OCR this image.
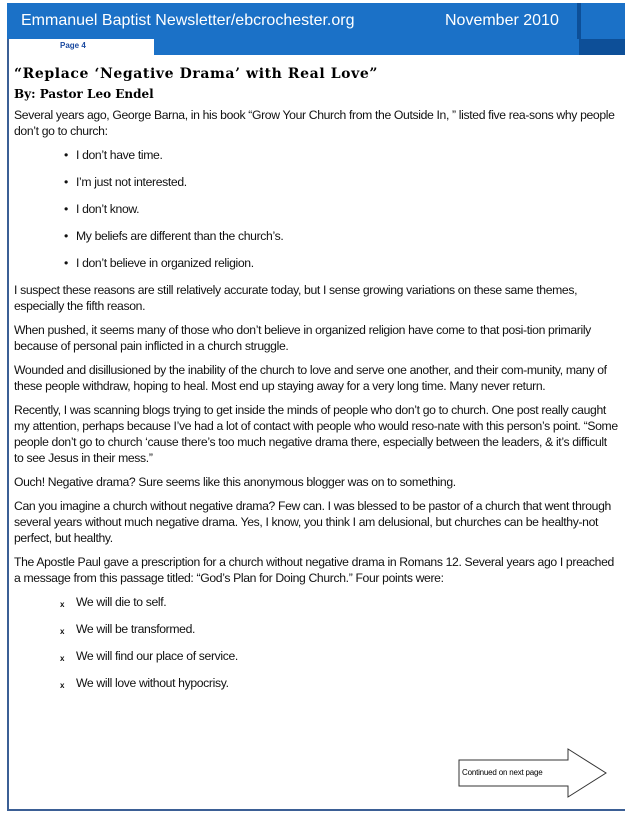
Emmanuel Baptist Newsletter/ebcrochester.org	November 2010
Page 4
“Replace ‘Negative Drama’ with Real Love”
By: Pastor Leo Endel

Several years ago, George Barna, in his book “Grow Your Church from the Outside In, ” listed five rea-sons why people don’t go to church:

• I don’t have time.
• I’m just not interested.
• I don’t know.
• My beliefs are different than the church’s.
• I don’t believe in organized religion.

I suspect these reasons are still relatively accurate today, but I sense growing variations on these same themes, especially the fifth reason.

When pushed, it seems many of those who don’t believe in organized religion have come to that posi-tion primarily because of personal pain inflicted in a church struggle.

Wounded and disillusioned by the inability of the church to love and serve one another, and their com-munity, many of these people withdraw, hoping to heal. Most end up staying away for a very long time. Many never return.

Recently, I was scanning blogs trying to get inside the minds of people who don’t go to church. One post really caught my attention, perhaps because I’ve had a lot of contact with people who would reso-nate with this person’s point. “Some people don’t go to church ‘cause there’s too much negative drama there, especially between the leaders, & it’s difficult to see Jesus in their mess.”

Ouch! Negative drama? Sure seems like this anonymous blogger was on to something.

Can you imagine a church without negative drama? Few can. I was blessed to be pastor of a church that went through several years without much negative drama. Yes, I know, you think I am delusional, but churches can be healthy-not perfect, but healthy.

The Apostle Paul gave a prescription for a church without negative drama in Romans 12. Several years ago I preached a message from this passage titled: “God’s Plan for Doing Church.” Four points were:

x We will die to self.
x We will be transformed.
x We will find our place of service.
x We will love without hypocrisy.
Continued on next page
